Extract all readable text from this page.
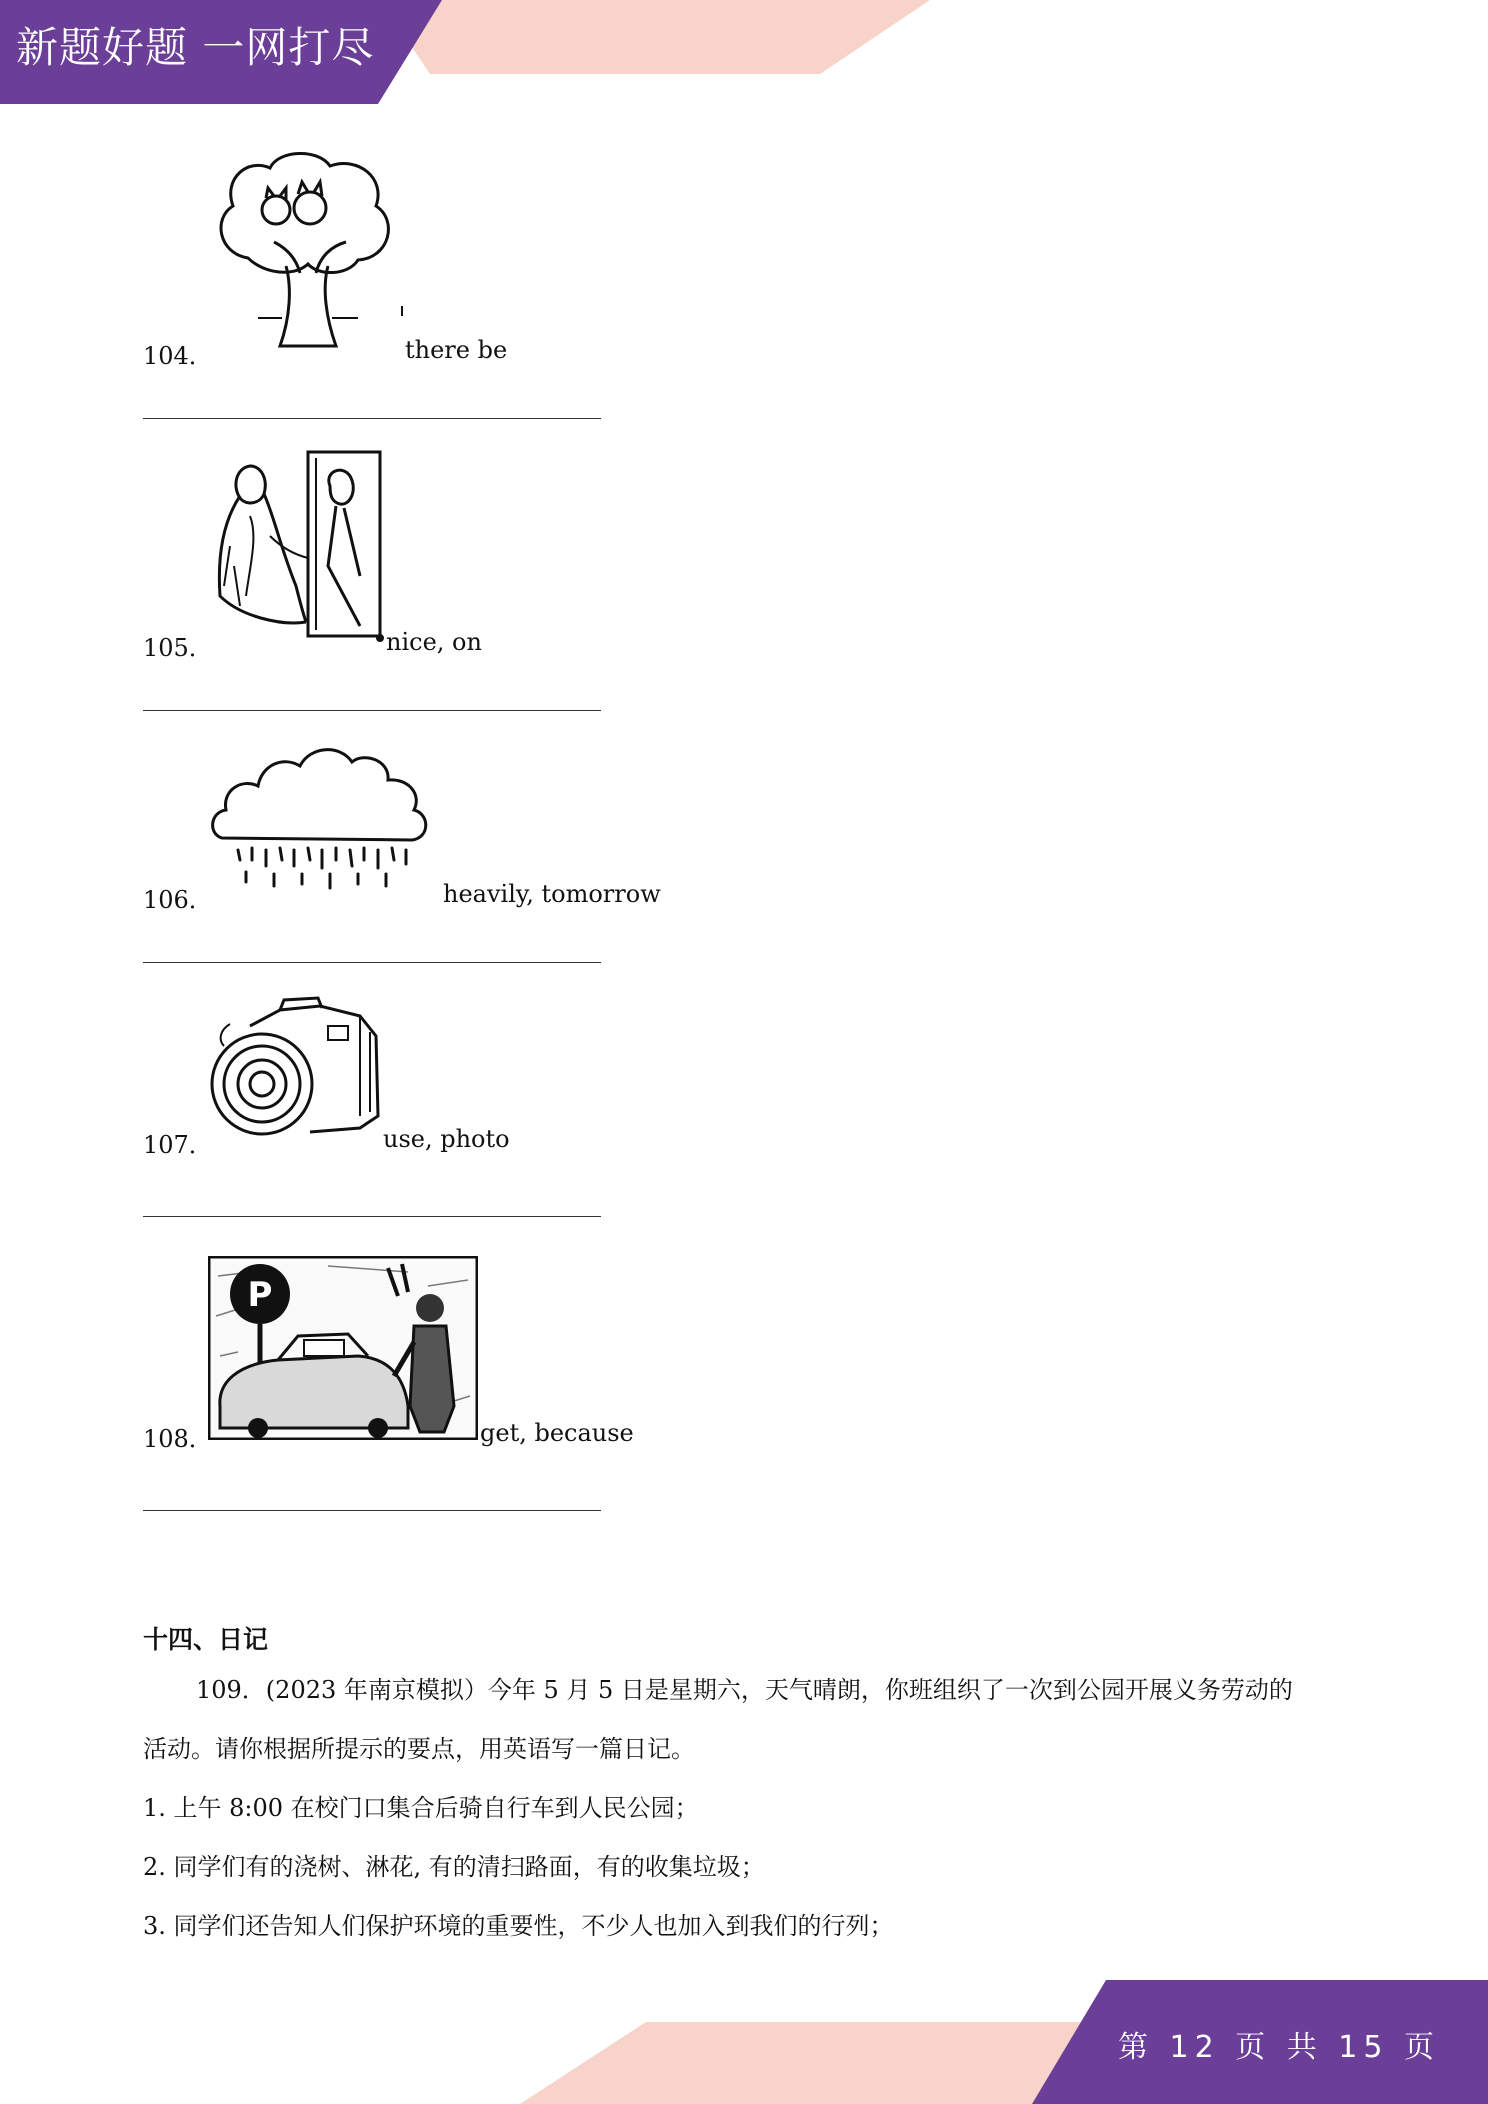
新题好题 一网打尽
104．	there be
105．	nice, on
106．	heavily, tomorrow
107．	use, photo
P
108．	get, because
十四、日记
109．(2023 年南京模拟）今年 5 月 5 日是星期六，天气晴朗，你班组织了一次到公园开展义务劳动的
活动。请你根据所提示的要点，用英语写一篇日记。
1. 上午 8:00 在校门口集合后骑自行车到人民公园；
2. 同学们有的浇树、淋花, 有的清扫路面，有的收集垃圾；
3. 同学们还告知人们保护环境的重要性，不少人也加入到我们的行列；
第 12 页 共 15 页
